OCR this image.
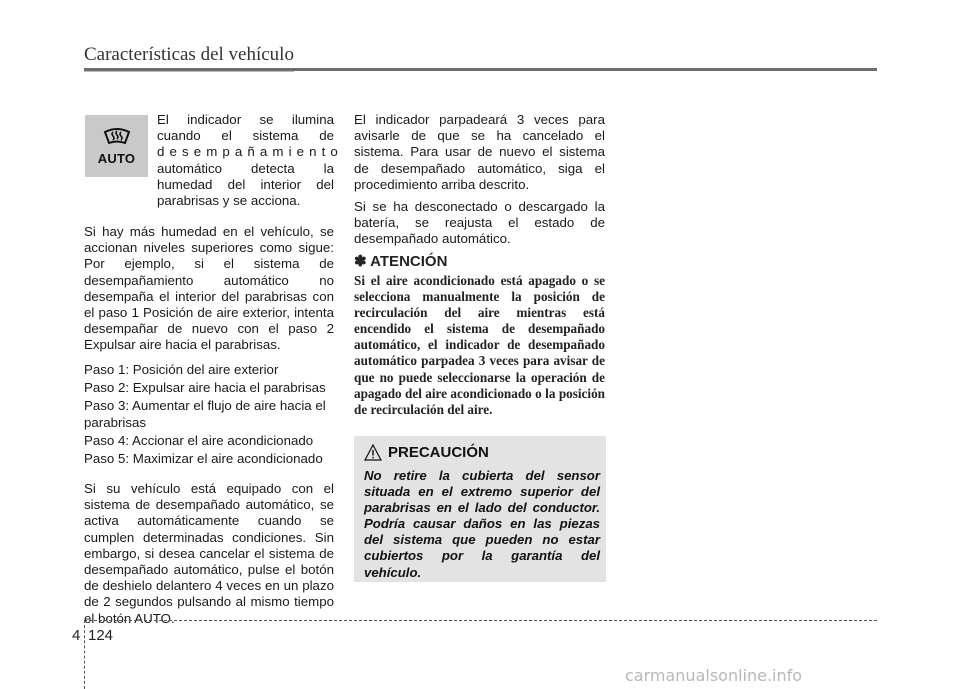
Características del vehículo
AUTO
El indicador se ilumina
cuando el sistema de
desempañamiento
automático detecta la
humedad del interior del
parabrisas y se acciona.
Si hay más humedad en el vehículo, se accionan niveles superiores como sigue: Por ejemplo, si el sistema de desempañamiento automático no desempaña el interior del parabrisas con el paso 1 Posición de aire exterior, intenta desempañar de nuevo con el paso 2 Expulsar aire hacia el parabrisas.

Paso 1: Posición del aire exterior

Paso 2: Expulsar aire hacia el parabrisas

Paso 3: Aumentar el flujo de aire hacia el parabrisas

Paso 4: Accionar el aire acondicionado

Paso 5: Maximizar el aire acondicionado

Si su vehículo está equipado con el sistema de desempañado automático, se activa automáticamente cuando se cumplen determinadas condiciones. Sin embargo, si desea cancelar el sistema de desempañado automático, pulse el botón de deshielo delantero 4 veces en un plazo de 2 segundos pulsando al mismo tiempo el botón AUTO.

El indicador parpadeará 3 veces para avisarle de que se ha cancelado el sistema. Para usar de nuevo el sistema de desempañado automático, siga el procedimiento arriba descrito.

Si se ha desconectado o descargado la batería, se reajusta el estado de desempañado automático.

✽ ATENCIÓN
Si el aire acondicionado está apagado o se selecciona manualmente la posición de recirculación del aire mientras está encendido el sistema de desempañado automático, el indicador de desempañado automático parpadea 3 veces para avisar de que no puede seleccionarse la operación de apagado del aire acondicionado o la posición de recirculación del aire.
PRECAUCIÓN
No retire la cubierta del sensor situada en el extremo superior del parabrisas en el lado del conductor. Podría causar daños en las piezas del sistema que pueden no estar cubiertos por la garantía del vehículo.
4 124
carmanualsonline.info
